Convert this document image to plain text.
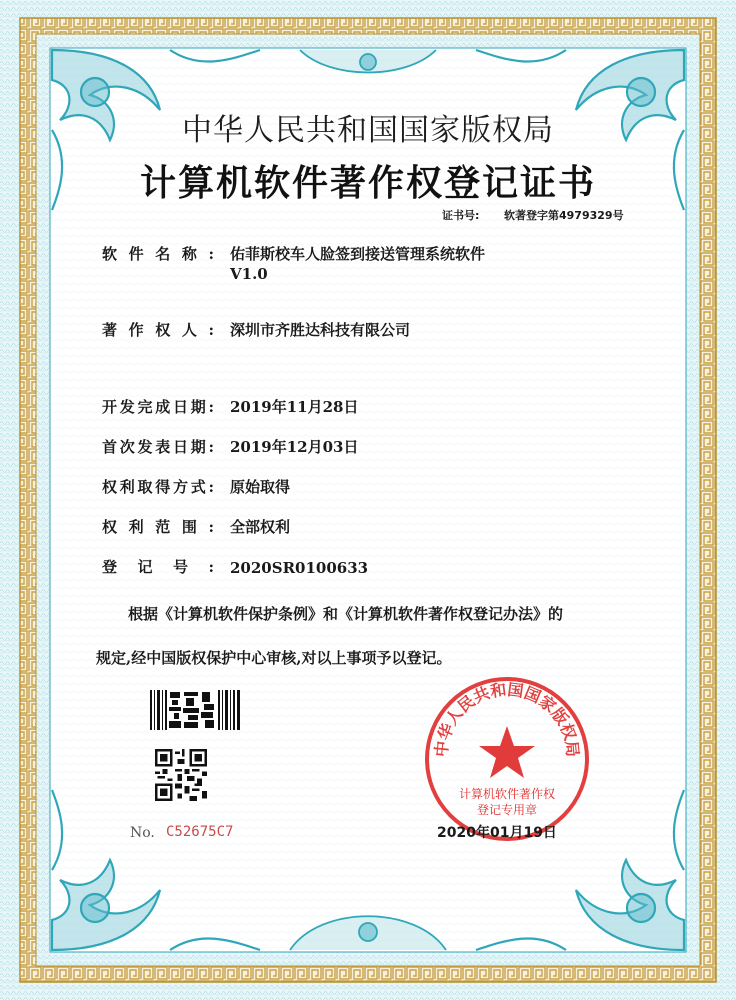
中华人民共和国国家版权局
计算机软件著作权登记证书
证书号: 软著登字第4979329号
软件名称: 佑菲斯校车人脸签到接送管理系统软件
V1.0
著作权人: 深圳市齐胜达科技有限公司
开发完成日期: 2019年11月28日
首次发表日期: 2019年12月03日
权利取得方式: 原始取得
权利范围: 全部权利
登记号: 2020SR0100633
根据《计算机软件保护条例》和《计算机软件著作权登记办法》的
规定,经中国版权保护中心审核,对以上事项予以登记。
No. C52675C7
中华人民共和国国家版权局
计算机软件著作权
登记专用章
2020年01月19日
